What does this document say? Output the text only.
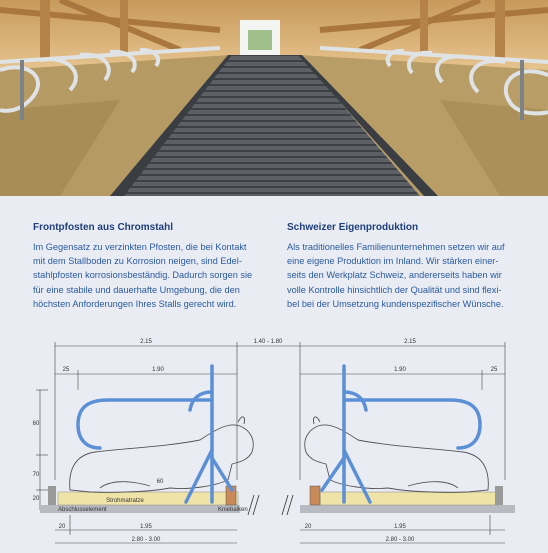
Frontpfosten aus Chromstahl
Im Gegensatz zu verzinkten Pfosten, die bei Kontakt
mit dem Stallboden zu Korrosion neigen, sind Edel-
stahlpfosten korrosionsbeständig. Dadurch sorgen sie
für eine stabile und dauerhafte Umgebung, die den
höchsten Anforderungen Ihres Stalls gerecht wird.
Schweizer Eigenproduktion
Als traditionelles Familienunternehmen setzen wir auf
eine eigene Produktion im Inland. Wir stärken einer-
seits den Werkplatz Schweiz, andererseits haben wir
volle Kontrolle hinsichtlich der Qualität und sind flexi-
bel bei der Umsetzung kundenspezifischer Wünsche.
2.15	1.40 - 1.80	2.15
25	25
1.90	1.90
60
70
20
60
Strohmatratze
Abschlusselement	Kniebalken
20	1.95	20	1.95
2.80 - 3.00	2.80 - 3.00
